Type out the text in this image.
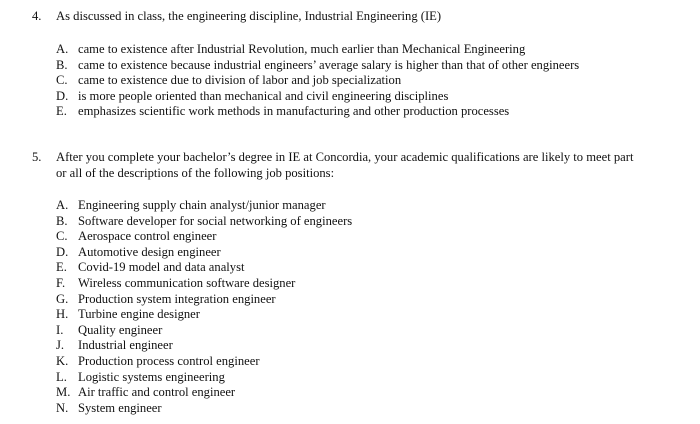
4. As discussed in class, the engineering discipline, Industrial Engineering (IE)
A. came to existence after Industrial Revolution, much earlier than Mechanical Engineering
B. came to existence because industrial engineers’ average salary is higher than that of other engineers
C. came to existence due to division of labor and job specialization
D. is more people oriented than mechanical and civil engineering disciplines
E. emphasizes scientific work methods in manufacturing and other production processes
5. After you complete your bachelor’s degree in IE at Concordia, your academic qualifications are likely to meet part
or all of the descriptions of the following job positions:
A. Engineering supply chain analyst/junior manager
B. Software developer for social networking of engineers
C. Aerospace control engineer
D. Automotive design engineer
E. Covid-19 model and data analyst
F.	Wireless communication software designer
G. Production system integration engineer
H. Turbine engine designer
I.	Quality engineer
J.	Industrial engineer
K. Production process control engineer
L. Logistic systems engineering
M. Air traffic and control engineer
N. System engineer
